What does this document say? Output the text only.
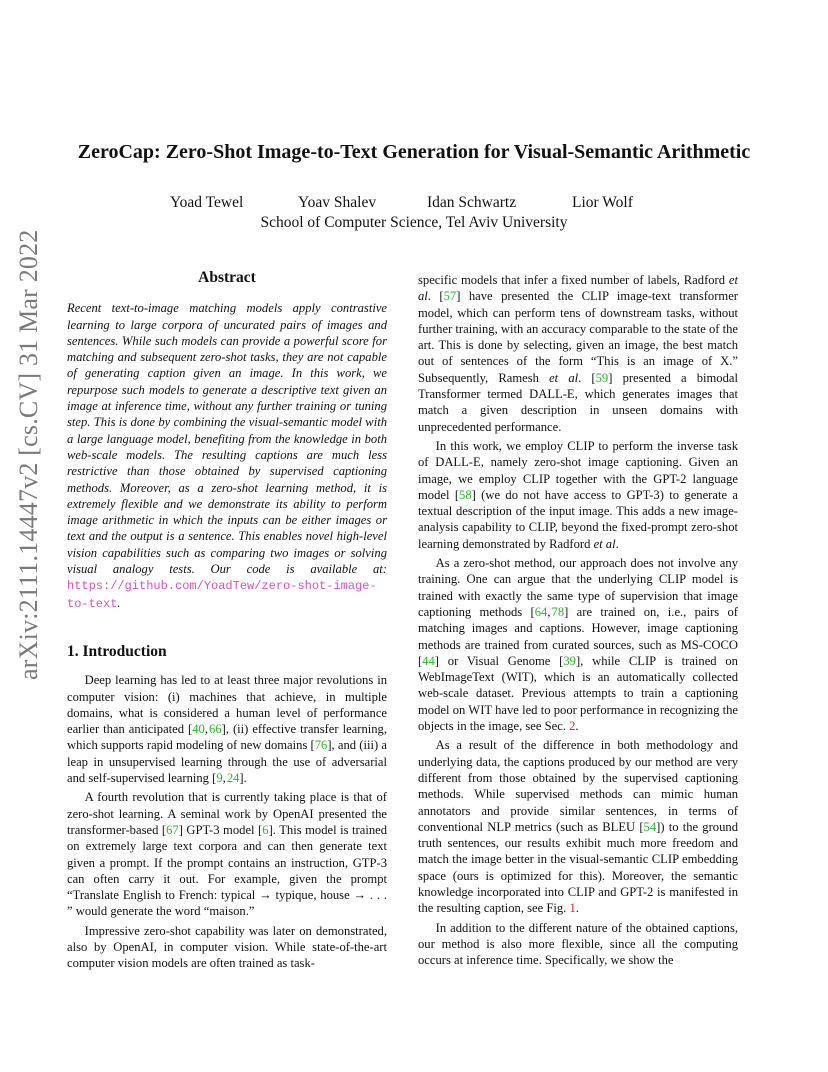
arXiv:2111.14447v2 [cs.CV] 31 Mar 2022
ZeroCap: Zero-Shot Image-to-Text Generation for Visual-Semantic Arithmetic
Yoad Tewel	Yoav Shalev	Idan Schwartz	Lior Wolf
School of Computer Science, Tel Aviv University
Abstract

Recent text-to-image matching models apply contrastive learning to large corpora of uncurated pairs of images and sentences. While such models can provide a powerful score for matching and subsequent zero-shot tasks, they are not capable of generating caption given an image. In this work, we repurpose such models to generate a descriptive text given an image at inference time, without any further training or tuning step. This is done by combining the visual-semantic model with a large language model, benefiting from the knowledge in both web-scale models. The resulting captions are much less restrictive than those obtained by supervised captioning methods. Moreover, as a zero-shot learning method, it is extremely flexible and we demonstrate its ability to perform image arithmetic in which the inputs can be either images or text and the output is a sentence. This enables novel high-level vision capabilities such as comparing two images or solving visual analogy tests. Our code is available at: https://github.com/YoadTew/zero-shot-image-to-text.

1. Introduction

Deep learning has led to at least three major revolutions in computer vision: (i) machines that achieve, in multiple domains, what is considered a human level of performance earlier than anticipated [40, 66], (ii) effective transfer learning, which supports rapid modeling of new domains [76], and (iii) a leap in unsupervised learning through the use of adversarial and self-supervised learning [9, 24].

A fourth revolution that is currently taking place is that of zero-shot learning. A seminal work by OpenAI presented the transformer-based [67] GPT-3 model [6]. This model is trained on extremely large text corpora and can then generate text given a prompt. If the prompt contains an instruction, GTP-3 can often carry it out. For example, given the prompt “Translate English to French: typical → typique, house → . . . ” would generate the word “maison.”

Impressive zero-shot capability was later on demonstrated, also by OpenAI, in computer vision. While state-of-the-art computer vision models are often trained as task-

specific models that infer a fixed number of labels, Radford et al. [57] have presented the CLIP image-text transformer model, which can perform tens of downstream tasks, without further training, with an accuracy comparable to the state of the art. This is done by selecting, given an image, the best match out of sentences of the form “This is an image of X.” Subsequently, Ramesh et al. [59] presented a bimodal Transformer termed DALL-E, which generates images that match a given description in unseen domains with unprecedented performance.

In this work, we employ CLIP to perform the inverse task of DALL-E, namely zero-shot image captioning. Given an image, we employ CLIP together with the GPT-2 language model [58] (we do not have access to GPT-3) to generate a textual description of the input image. This adds a new image-analysis capability to CLIP, beyond the fixed-prompt zero-shot learning demonstrated by Radford et al.

As a zero-shot method, our approach does not involve any training. One can argue that the underlying CLIP model is trained with exactly the same type of supervision that image captioning methods [64, 78] are trained on, i.e., pairs of matching images and captions. However, image captioning methods are trained from curated sources, such as MS-COCO [44] or Visual Genome [39], while CLIP is trained on WebImageText (WIT), which is an automatically collected web-scale dataset. Previous attempts to train a captioning model on WIT have led to poor performance in recognizing the objects in the image, see Sec. 2.

As a result of the difference in both methodology and underlying data, the captions produced by our method are very different from those obtained by the supervised captioning methods. While supervised methods can mimic human annotators and provide similar sentences, in terms of conventional NLP metrics (such as BLEU [54]) to the ground truth sentences, our results exhibit much more freedom and match the image better in the visual-semantic CLIP embedding space (ours is optimized for this). Moreover, the semantic knowledge incorporated into CLIP and GPT-2 is manifested in the resulting caption, see Fig. 1.

In addition to the different nature of the obtained captions, our method is also more flexible, since all the computing occurs at inference time. Specifically, we show the
